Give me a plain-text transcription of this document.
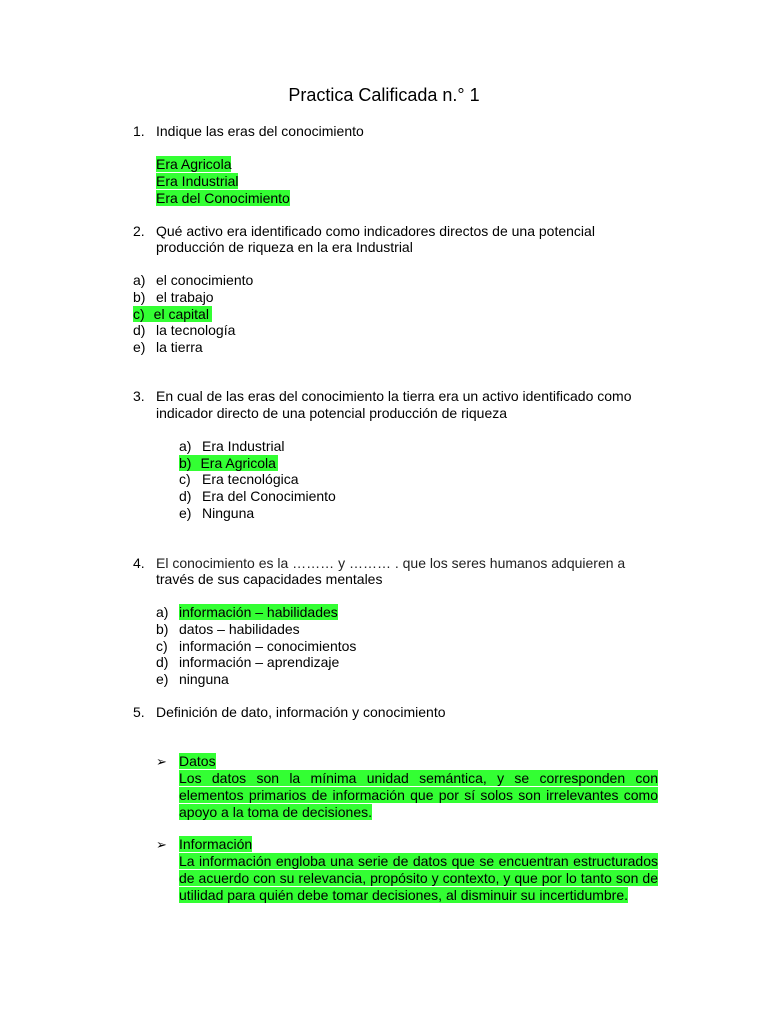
Practica Calificada n.° 1
1. Indique las eras del conocimiento
Era Agricola
Era Industrial
Era del Conocimiento
2. Qué activo era identificado como indicadores directos de una potencial
producción de riqueza en la era Industrial
a) el conocimiento
b) el trabajo
c) el capital
d) la tecnología
e) la tierra
3. En cual de las eras del conocimiento la tierra era un activo identificado como
indicador directo de una potencial producción de riqueza
a) Era Industrial
b) Era Agricola
c) Era tecnológica
d) Era del Conocimiento
e) Ninguna
4. El conocimiento es la ……… y ……… . que los seres humanos adquieren a
través de sus capacidades mentales
a) información – habilidades
b) datos – habilidades
c) información – conocimientos
d) información – aprendizaje
e) ninguna
5. Definición de dato, información y conocimiento
➢ Datos
Los datos son la mínima unidad semántica, y se corresponden con elementos primarios de información que por sí solos son irrelevantes como apoyo a la toma de decisiones.
➢ Información
La información engloba una serie de datos que se encuentran estructurados de acuerdo con su relevancia, propósito y contexto, y que por lo tanto son de utilidad para quién debe tomar decisiones, al disminuir su incertidumbre.
